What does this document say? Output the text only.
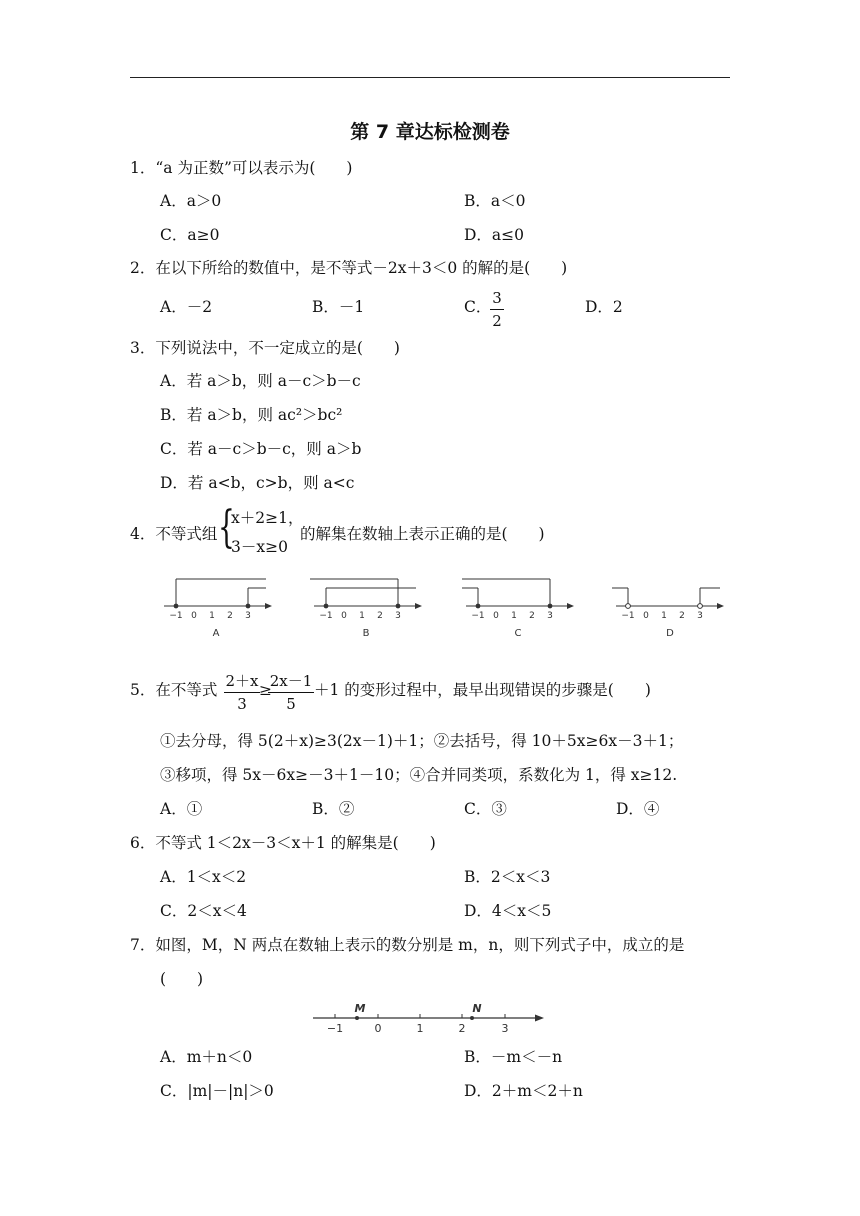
第 7 章达标检测卷
1．“a 为正数”可以表示为(　　)
A．a＞0	B．a＜0
C．a≥0	D．a≤0
2．在以下所给的数值中，是不等式－2x＋3＜0 的解的是(　　)
A．－2	B．－1	C． 3
2
D．2
3．下列说法中，不一定成立的是(　　)
A．若 a＞b，则 a－c＞b－c
B．若 a＞b，则 ac²＞bc²
C．若 a－c＞b－c，则 a＞b
D．若 a<b，c>b，则 a<c
4．不等式组 {
x＋2≥1，
3－x≥0
的解集在数轴上表示正确的是(　　)
−1 0 1 2 3
A
−1 0 1 2 3
B
−1 0 1 2 3
C
−1 0 1 2 3
D
5．在不等式 2＋x
3
≥
2x－1
5
＋1 的变形过程中，最早出现错误的步骤是(　　)
①去分母，得 5(2＋x)≥3(2x－1)＋1；②去括号，得 10＋5x≥6x－3＋1；
③移项，得 5x－6x≥－3＋1－10；④合并同类项，系数化为 1，得 x≥12.
A．①	B．②	C．③	D．④
6．不等式 1＜2x－3＜x＋1 的解集是(　　)
A．1＜x＜2	B．2＜x＜3
C．2＜x＜4	D．4＜x＜5
7．如图，M，N 两点在数轴上表示的数分别是 m，n，则下列式子中，成立的是
(　　)
M	N
−1	0	1	2	3
A．m＋n＜0	B．－m＜－n
C．|m|－|n|＞0	D．2＋m＜2＋n
